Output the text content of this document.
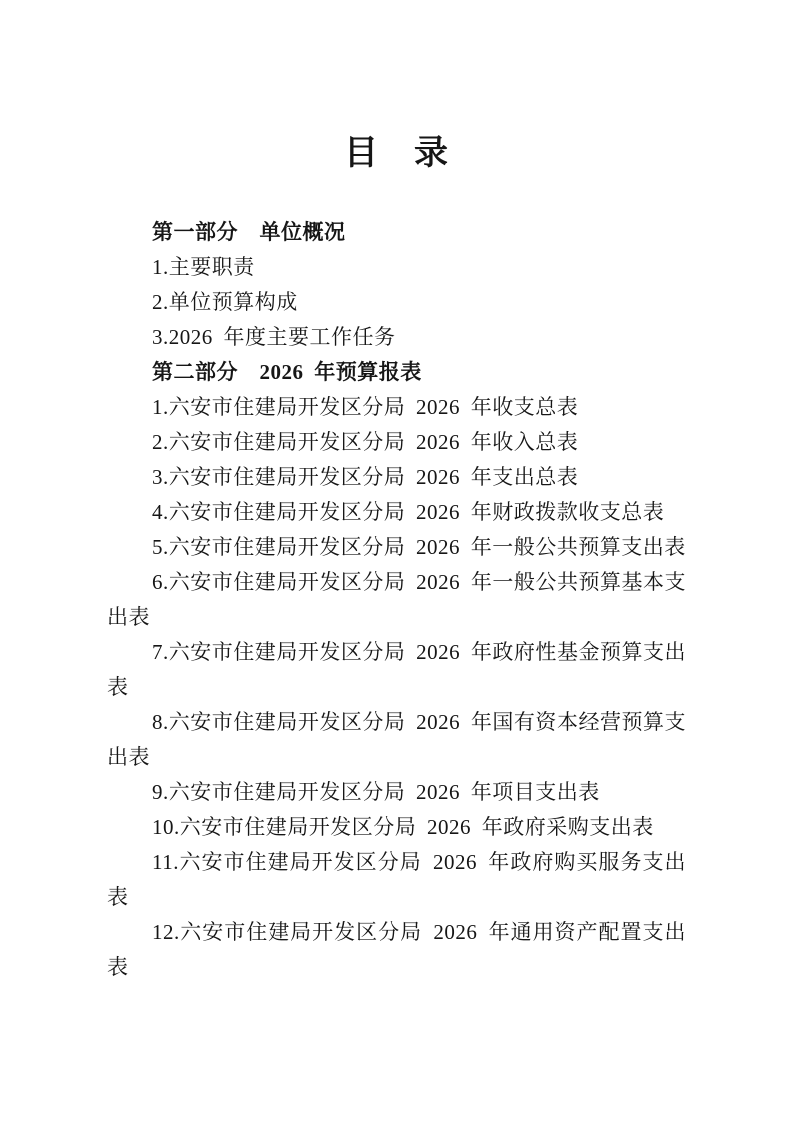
目　录
第一部分　单位概况
1.主要职责
2.单位预算构成
3.2026 年度主要工作任务
第二部分　2026 年预算报表
1.六安市住建局开发区分局 2026 年收支总表
2.六安市住建局开发区分局 2026 年收入总表
3.六安市住建局开发区分局 2026 年支出总表
4.六安市住建局开发区分局 2026 年财政拨款收支总表
5.六安市住建局开发区分局 2026 年一般公共预算支出表
6.六安市住建局开发区分局 2026 年一般公共预算基本支
出表
7.六安市住建局开发区分局 2026 年政府性基金预算支出
表
8.六安市住建局开发区分局 2026 年国有资本经营预算支
出表
9.六安市住建局开发区分局 2026 年项目支出表
10.六安市住建局开发区分局 2026 年政府采购支出表
11.六安市住建局开发区分局 2026 年政府购买服务支出
表
12.六安市住建局开发区分局 2026 年通用资产配置支出
表
